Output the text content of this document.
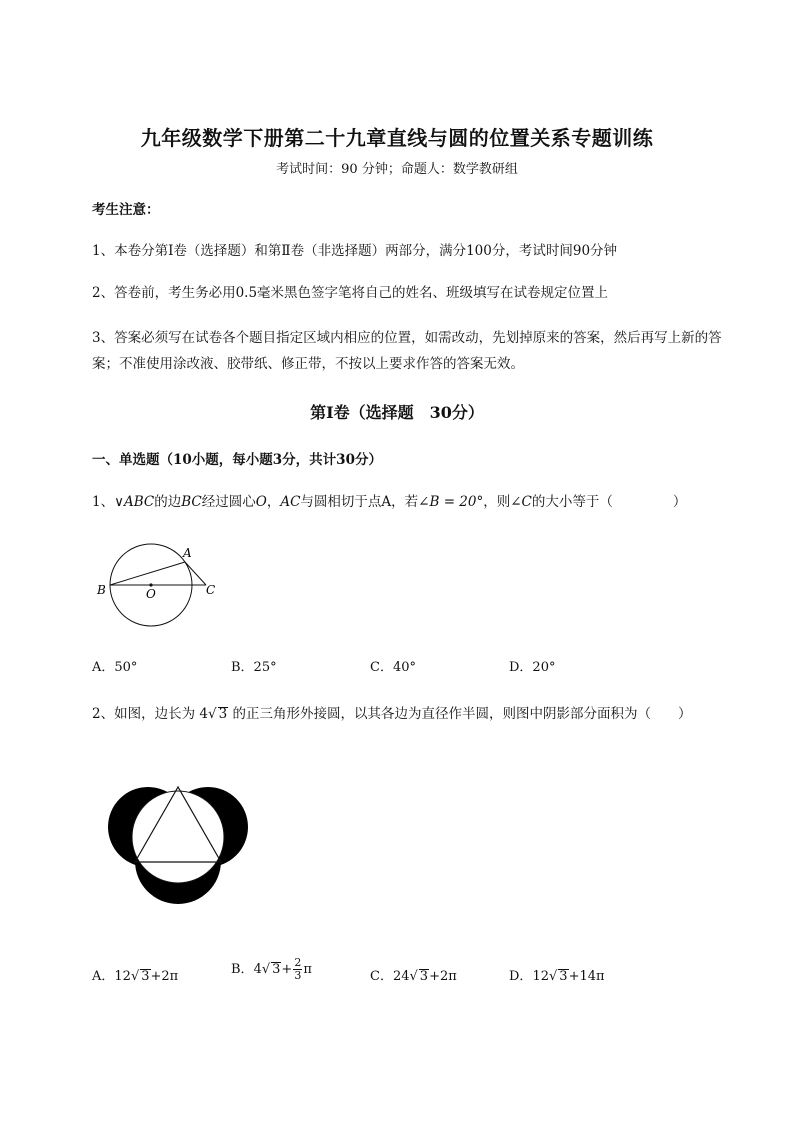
九年级数学下册第二十九章直线与圆的位置关系专题训练
考试时间：90 分钟；命题人：数学教研组
考生注意：
1、本卷分第Ⅰ卷（选择题）和第Ⅱ卷（非选择题）两部分，满分100分，考试时间90分钟
2、答卷前，考生务必用0.5毫米黑色签字笔将自己的姓名、班级填写在试卷规定位置上
3、答案必须写在试卷各个题目指定区域内相应的位置，如需改动，先划掉原来的答案，然后再写上新的答案；不准使用涂改液、胶带纸、修正带，不按以上要求作答的答案无效。
第Ⅰ卷（选择题　30分）
一、单选题（10小题，每小题3分，共计30分）
1、∨ABC的边BC经过圆心O，AC与圆相切于点A，若∠B = 20°，则∠C的大小等于（	）
A
B	O	C
A．50°	B．25°	C．40°	D．20°
2、如图，边长为 4√ 3 的正三角形外接圆，以其各边为直径作半圆，则图中阴影部分面积为（　　）
A．12√ 3+2π	B．4√ $3+ \frac{2}{3}$ π	C．24√ 3+2π	D．12√ 3+14π
